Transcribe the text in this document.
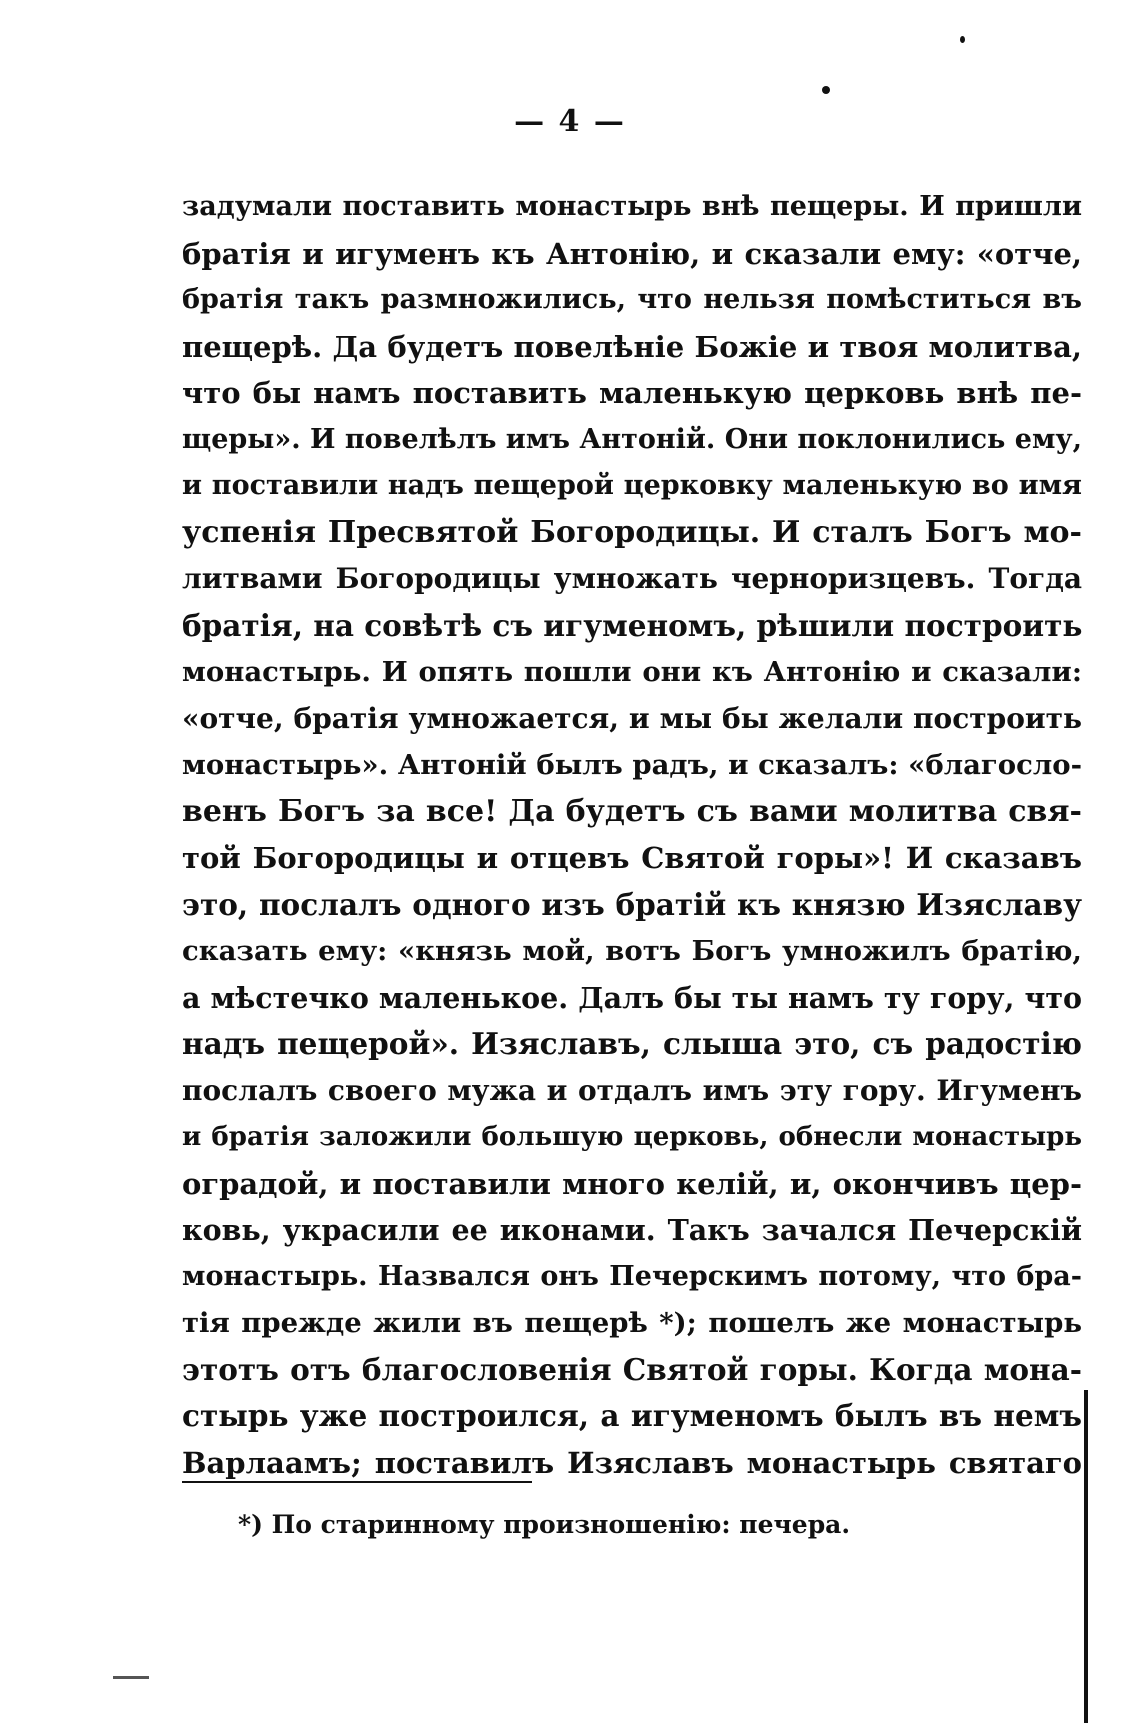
— 4 —
задумали поставить монастырь внѣ пещеры. И пришли
братія и игуменъ къ Антонію, и сказали ему: «отче,
братія такъ размножились, что нельзя помѣститься въ
пещерѣ. Да будетъ повелѣніе Божіе и твоя молитва,
что бы намъ поставить маленькую церковь внѣ пе-
щеры». И повелѣлъ имъ Антоній. Они поклонились ему,
и поставили надъ пещерой церковку маленькую во имя
успенія Пресвятой Богородицы. И сталъ Богъ мо-
литвами Богородицы умножать черноризцевъ. Тогда
братія, на совѣтѣ съ игуменомъ, рѣшили построить
монастырь. И опять пошли они къ Антонію и сказали:
«отче, братія умножается, и мы бы желали построить
монастырь». Антоній былъ радъ, и сказалъ: «благосло-
венъ Богъ за все! Да будетъ съ вами молитва свя-
той Богородицы и отцевъ Святой горы»! И сказавъ
это, послалъ одного изъ братій къ князю Изяславу
сказать ему: «князь мой, вотъ Богъ умножилъ братію,
а мѣстечко маленькое. Далъ бы ты намъ ту гору, что
надъ пещерой». Изяславъ, слыша это, съ радостію
послалъ своего мужа и отдалъ имъ эту гору. Игуменъ
и братія заложили большую церковь, обнесли монастырь
оградой, и поставили много келій, и, окончивъ цер-
ковь, украсили ее иконами. Такъ зачался Печерскій
монастырь. Назвался онъ Печерскимъ потому, что бра-
тія прежде жили въ пещерѣ *); пошелъ же монастырь
этотъ отъ благословенія Святой горы. Когда мона-
стырь уже построился, а игуменомъ былъ въ немъ
Варлаамъ; поставилъ Изяславъ монастырь святаго
*) По старинному произношенію: печера.
